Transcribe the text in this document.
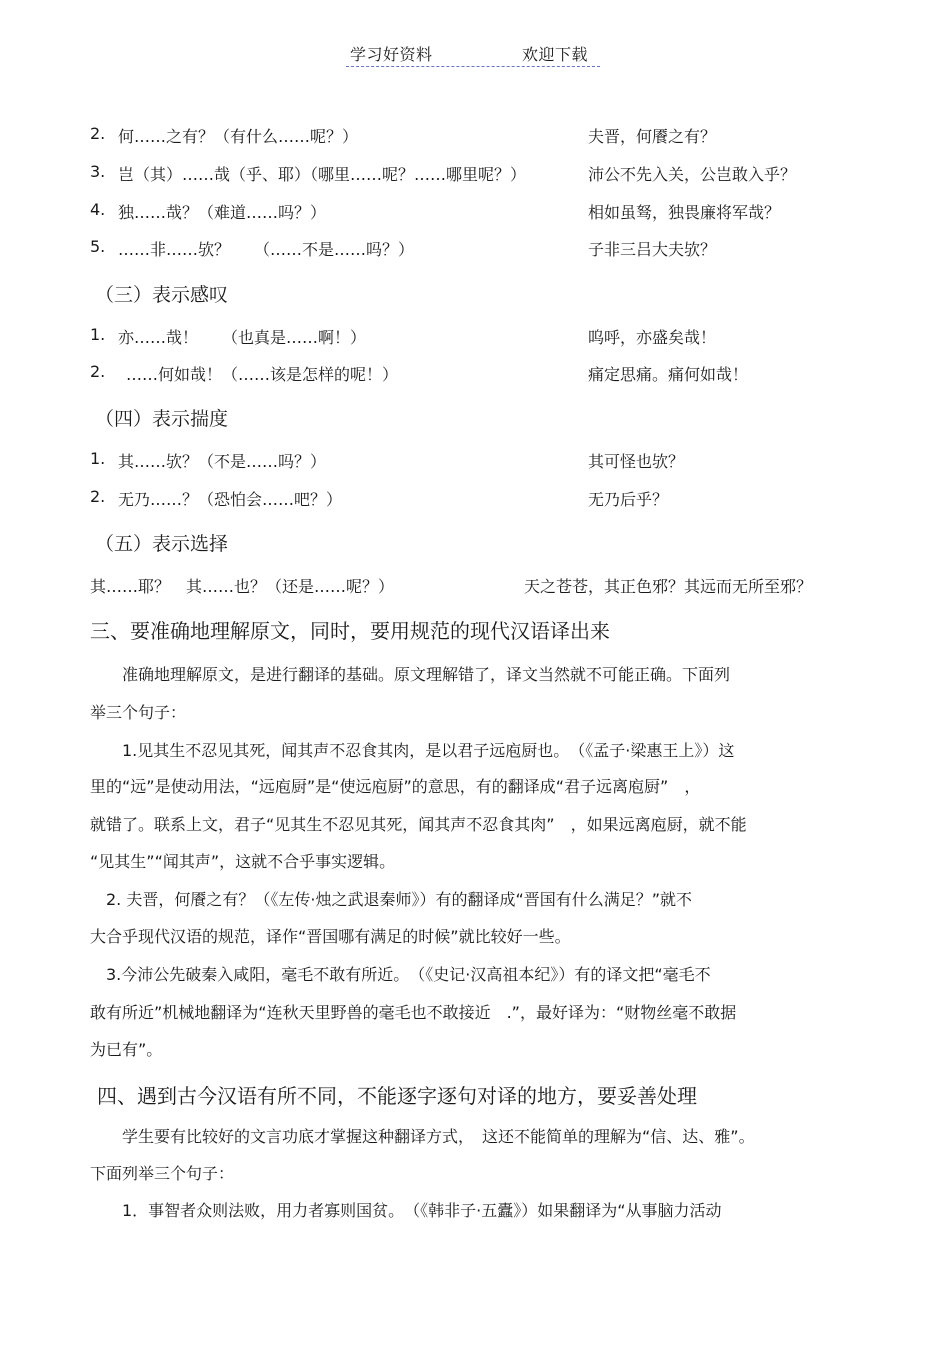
学习好资料	欢迎下载
2. 何……之有？（有什么……呢？）	夫晋，何餍之有？
3. 岂（其）……哉（乎、耶）（哪里……呢？……哪里呢？）	沛公不先入关，公岂敢入乎？
4. 独……哉？（难道……吗？）	相如虽驽，独畏廉将军哉？
5. ……非……欤？　　（……不是……吗？）	子非三吕大夫欤？
（三）表示感叹
1. 亦……哉！　　（也真是……啊！）	呜呼，亦盛矣哉！
2. ……何如哉！（……该是怎样的呢！）	痛定思痛。痛何如哉！
（四）表示揣度
1. 其……欤？（不是……吗？）	其可怪也欤？
2. 无乃……？（恐怕会……吧？）	无乃后乎？
（五）表示选择
其……耶？　其……也？（还是……呢？）	天之苍苍，其正色邪？其远而无所至邪？
三、要准确地理解原文，同时，要用规范的现代汉语译出来
　　准确地理解原文，是进行翻译的基础。原文理解错了，译文当然就不可能正确。下面列
举三个句子：
　　1.见其生不忍见其死，闻其声不忍食其肉，是以君子远庖厨也。　（《孟子·梁惠王上》）这
里的“远”是使动用法，“远庖厨”是“使远庖厨”的意思，有的翻译成“君子远离庖厨”　，
就错了。联系上文，君子“见其生不忍见其死，闻其声不忍食其肉”　，如果远离庖厨，就不能
“见其生”“闻其声”，这就不合乎事实逻辑。
　2. 夫晋，何餍之有？（《左传·烛之武退秦师》）有的翻译成“晋国有什么满足？”就不
大合乎现代汉语的规范，译作“晋国哪有满足的时候”就比较好一些。
　3.今沛公先破秦入咸阳，毫毛不敢有所近。　（《史记·汉高祖本纪》）有的译文把“毫毛不
敢有所近”机械地翻译为“连秋天里野兽的毫毛也不敢接近　.”，最好译为：“财物丝毫不敢据
为已有”。
四、遇到古今汉语有所不同，不能逐字逐句对译的地方，要妥善处理
　　学生要有比较好的文言功底才掌握这种翻译方式，　这还不能简单的理解为“信、达、雅”。
下面列举三个句子：
　　1．事智者众则法败，用力者寡则国贫。　（《韩非子·五蠹》）如果翻译为“从事脑力活动
